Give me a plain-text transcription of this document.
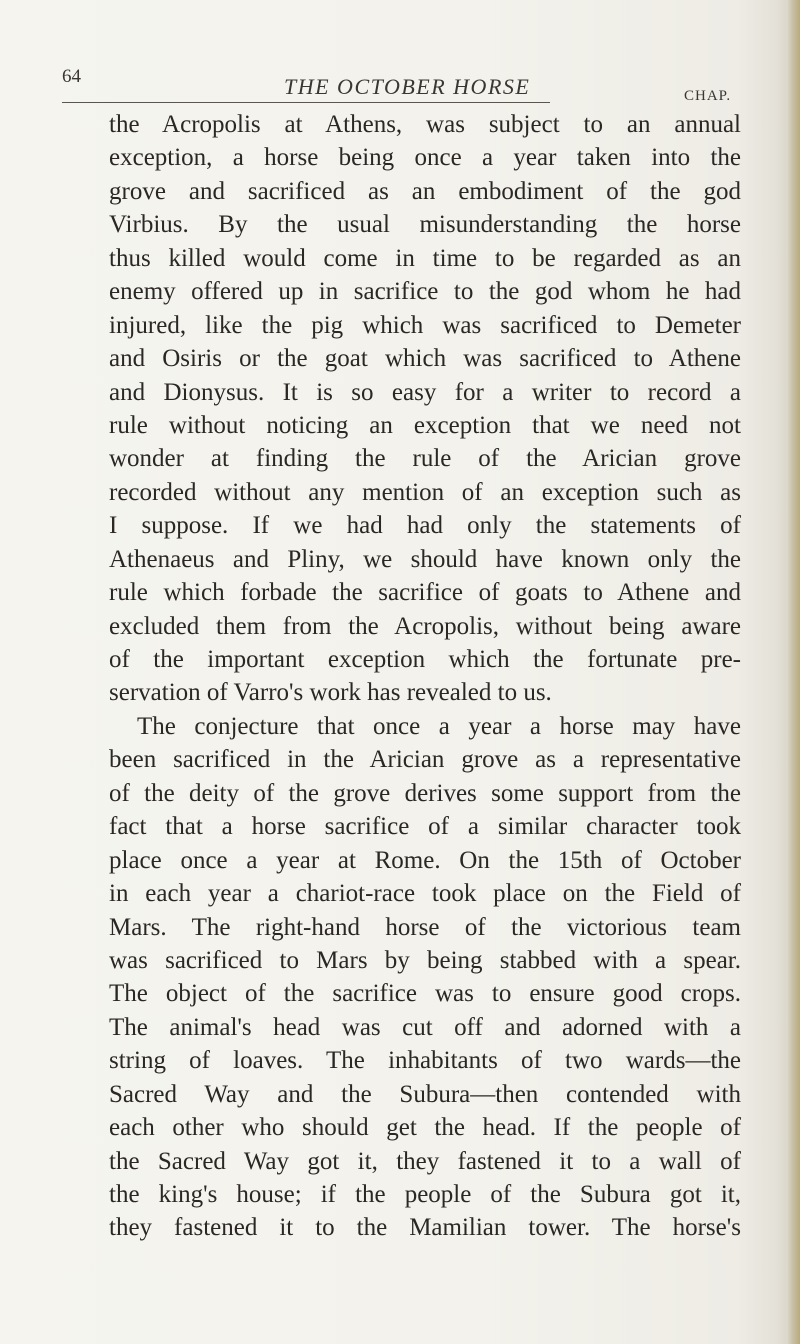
64	THE OCTOBER HORSE	CHAP.
the Acropolis at Athens, was subject to an annual
exception, a horse being once a year taken into the
grove and sacrificed as an embodiment of the god
Virbius. By the usual misunderstanding the horse
thus killed would come in time to be regarded as an
enemy offered up in sacrifice to the god whom he had
injured, like the pig which was sacrificed to Demeter
and Osiris or the goat which was sacrificed to Athene
and Dionysus. It is so easy for a writer to record a
rule without noticing an exception that we need not
wonder at finding the rule of the Arician grove
recorded without any mention of an exception such as
I suppose. If we had had only the statements of
Athenaeus and Pliny, we should have known only the
rule which forbade the sacrifice of goats to Athene and
excluded them from the Acropolis, without being aware
of the important exception which the fortunate pre-
servation of Varro's work has revealed to us.
The conjecture that once a year a horse may have
been sacrificed in the Arician grove as a representative
of the deity of the grove derives some support from the
fact that a horse sacrifice of a similar character took
place once a year at Rome. On the 15th of October
in each year a chariot-race took place on the Field of
Mars. The right-hand horse of the victorious team
was sacrificed to Mars by being stabbed with a spear.
The object of the sacrifice was to ensure good crops.
The animal's head was cut off and adorned with a
string of loaves. The inhabitants of two wards—the
Sacred Way and the Subura—then contended with
each other who should get the head. If the people of
the Sacred Way got it, they fastened it to a wall of
the king's house; if the people of the Subura got it,
they fastened it to the Mamilian tower. The horse's
